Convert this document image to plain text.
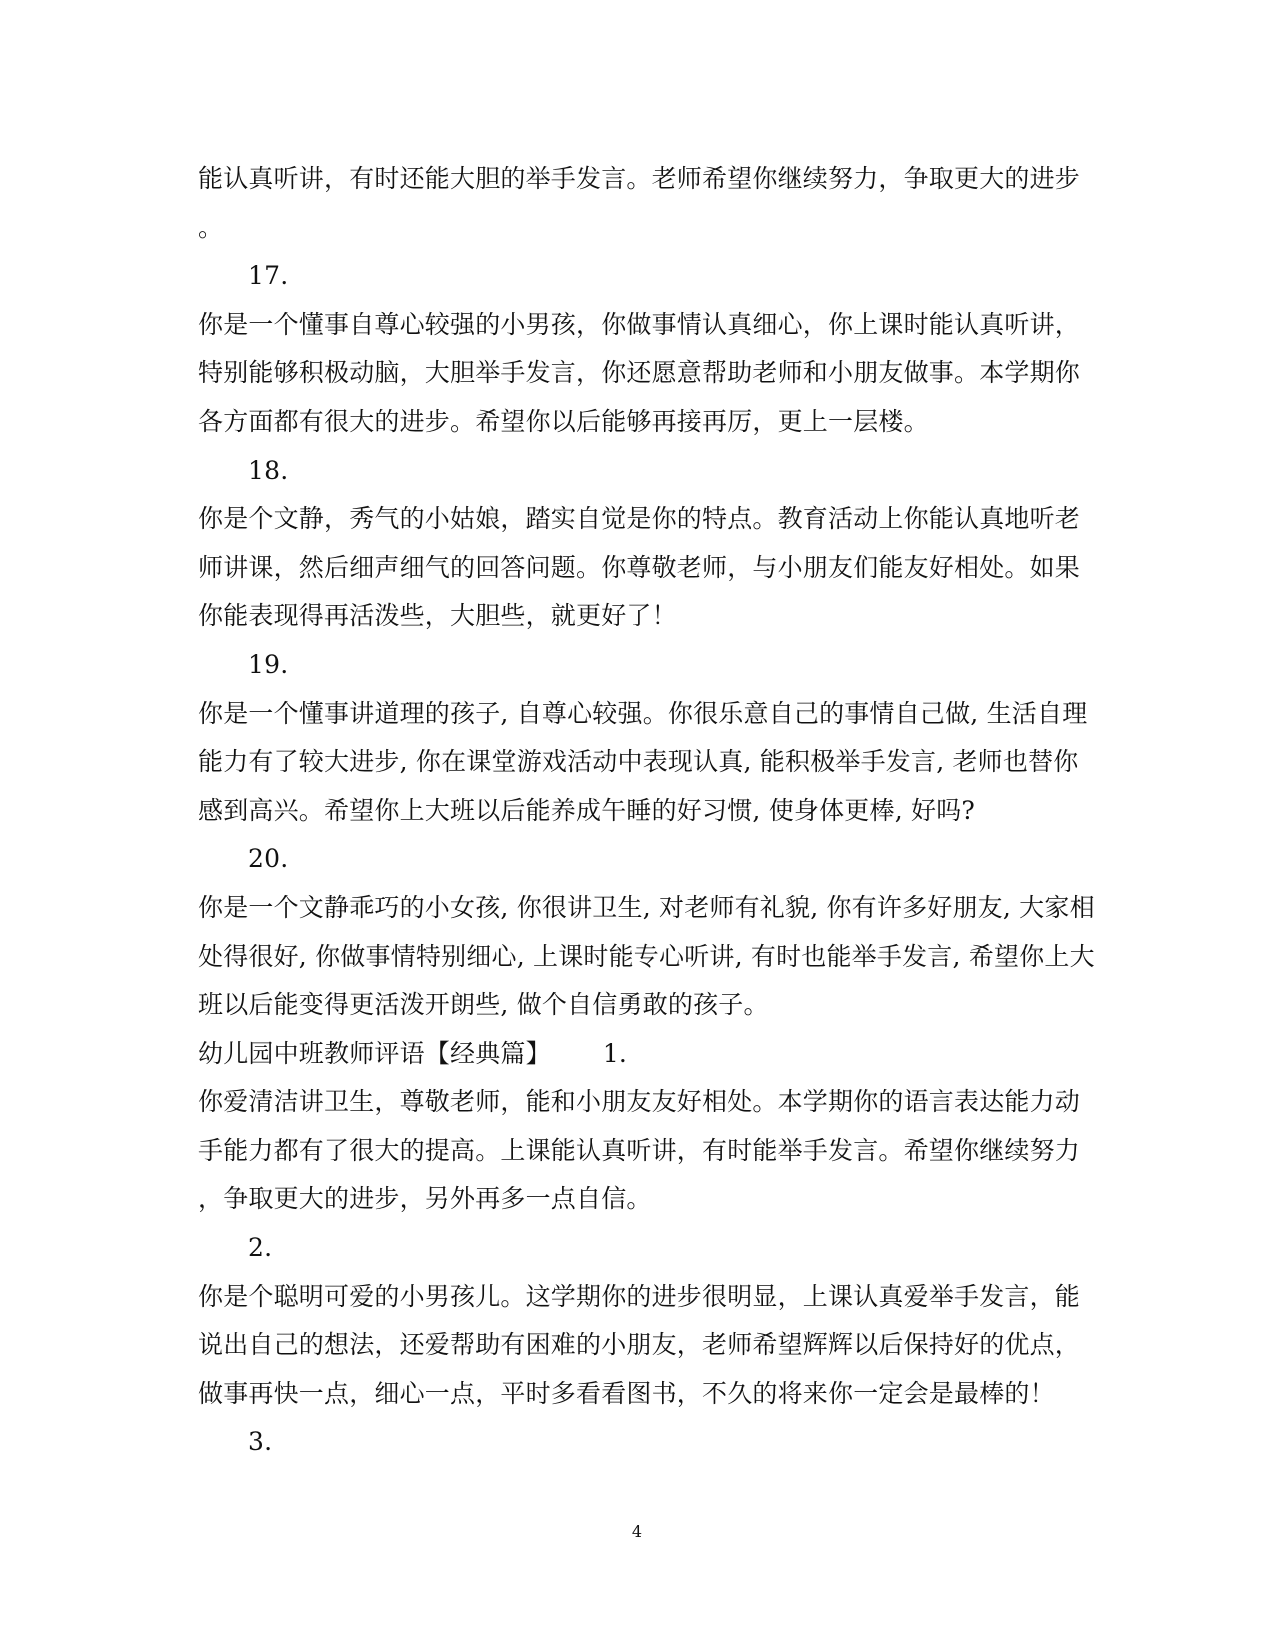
能认真听讲，有时还能大胆的举手发言。老师希望你继续努力，争取更大的进步
。
17.
你是一个懂事自尊心较强的小男孩，你做事情认真细心，你上课时能认真听讲，
特别能够积极动脑，大胆举手发言，你还愿意帮助老师和小朋友做事。本学期你
各方面都有很大的进步。希望你以后能够再接再厉，更上一层楼。
18.
你是个文静，秀气的小姑娘，踏实自觉是你的特点。教育活动上你能认真地听老
师讲课，然后细声细气的回答问题。你尊敬老师，与小朋友们能友好相处。如果
你能表现得再活泼些，大胆些，就更好了！
19.
你是一个懂事讲道理的孩子, 自尊心较强。你很乐意自己的事情自己做, 生活自理
能力有了较大进步, 你在课堂游戏活动中表现认真, 能积极举手发言, 老师也替你
感到高兴。希望你上大班以后能养成午睡的好习惯, 使身体更棒, 好吗?
20.
你是一个文静乖巧的小女孩, 你很讲卫生, 对老师有礼貌, 你有许多好朋友, 大家相
处得很好, 你做事情特别细心, 上课时能专心听讲, 有时也能举手发言, 希望你上大
班以后能变得更活泼开朗些, 做个自信勇敢的孩子。
幼儿园中班教师评语【经典篇】 1.
你爱清洁讲卫生，尊敬老师，能和小朋友友好相处。本学期你的语言表达能力动
手能力都有了很大的提高。上课能认真听讲，有时能举手发言。希望你继续努力
，争取更大的进步，另外再多一点自信。
2.
你是个聪明可爱的小男孩儿。这学期你的进步很明显，上课认真爱举手发言，能
说出自己的想法，还爱帮助有困难的小朋友，老师希望辉辉以后保持好的优点，
做事再快一点，细心一点，平时多看看图书，不久的将来你一定会是最棒的！
3.
4
